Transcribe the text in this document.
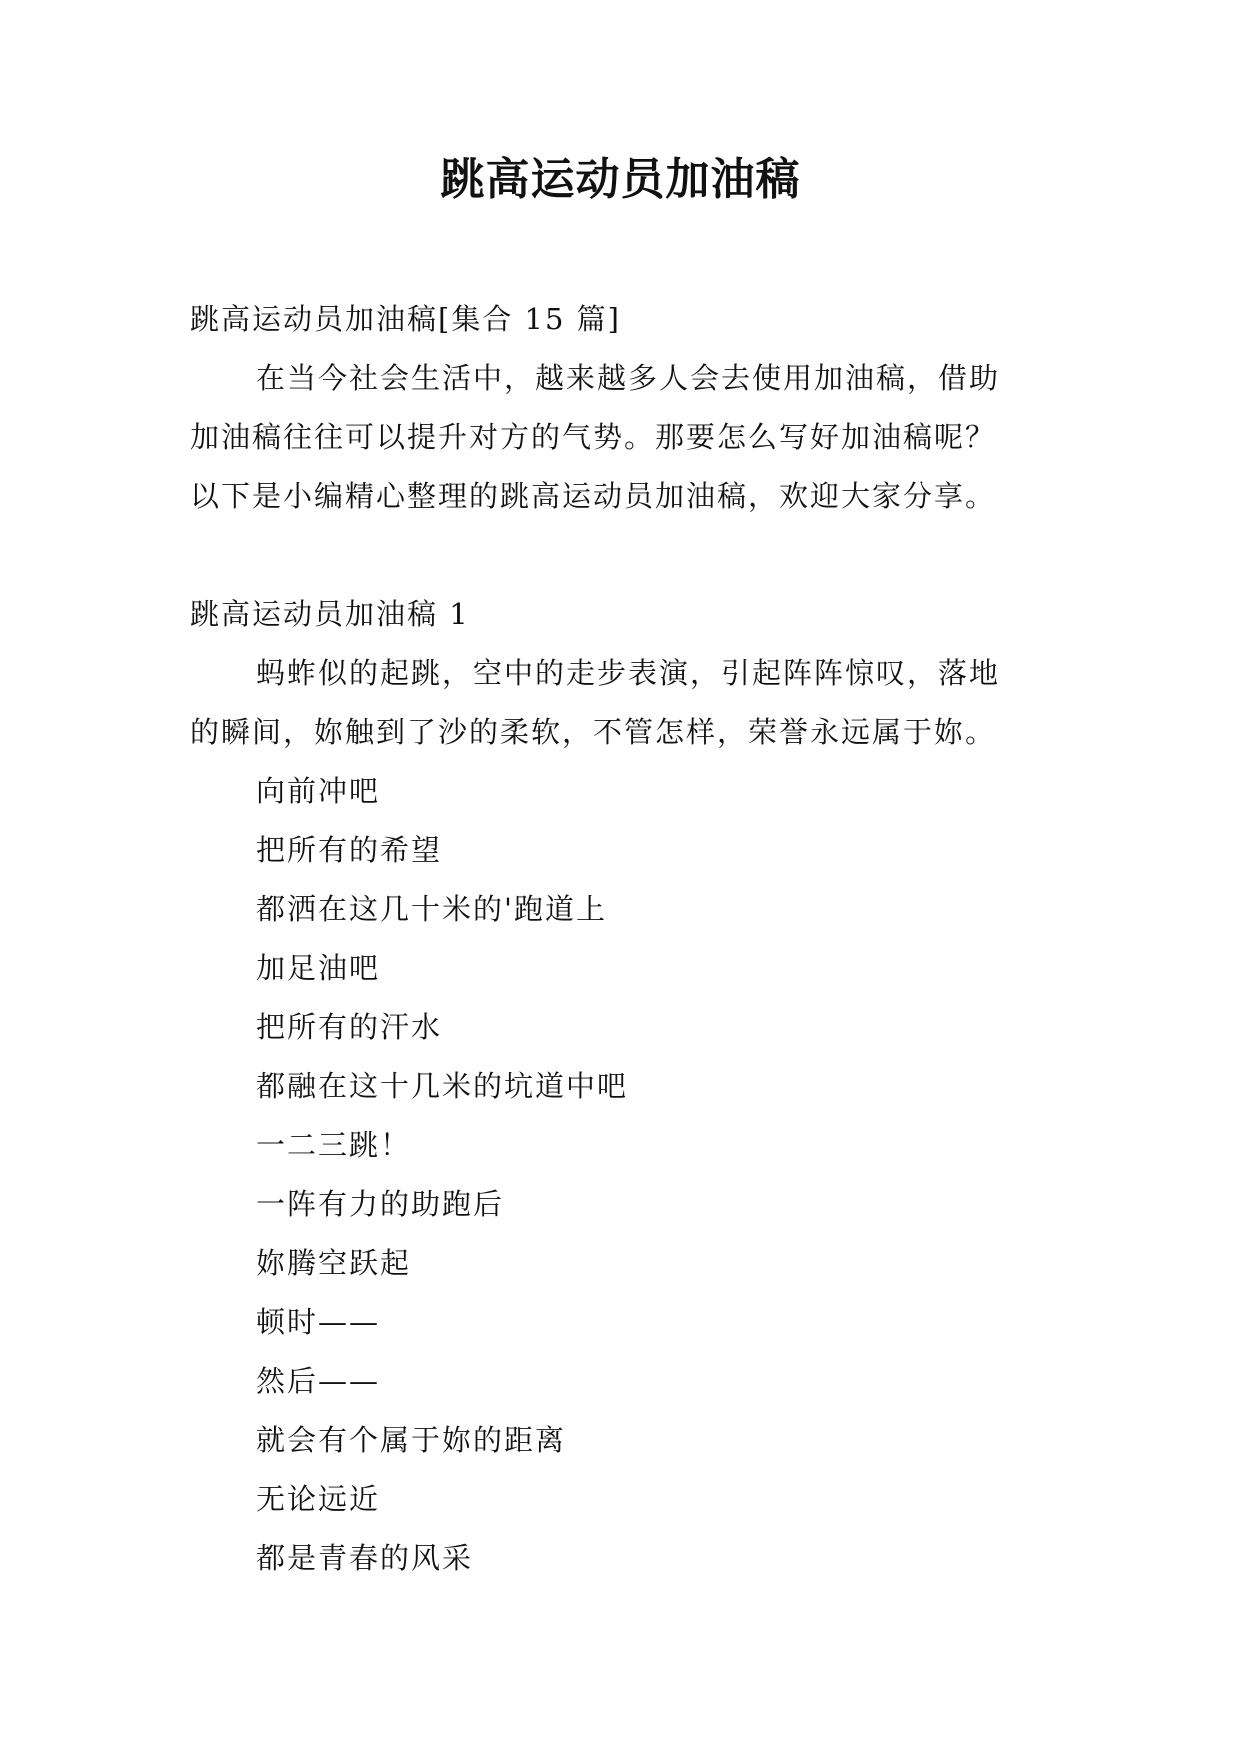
跳高运动员加油稿
跳高运动员加油稿[集合 15 篇]
在当今社会生活中，越来越多人会去使用加油稿，借助
加油稿往往可以提升对方的气势。那要怎么写好加油稿呢？
以下是小编精心整理的跳高运动员加油稿，欢迎大家分享。
跳高运动员加油稿 1
蚂蚱似的起跳，空中的走步表演，引起阵阵惊叹，落地
的瞬间，妳触到了沙的柔软，不管怎样，荣誉永远属于妳。
向前冲吧
把所有的希望
都洒在这几十米的'跑道上
加足油吧
把所有的汗水
都融在这十几米的坑道中吧
一二三跳！
一阵有力的助跑后
妳腾空跃起
顿时——
然后——
就会有个属于妳的距离
无论远近
都是青春的风采
